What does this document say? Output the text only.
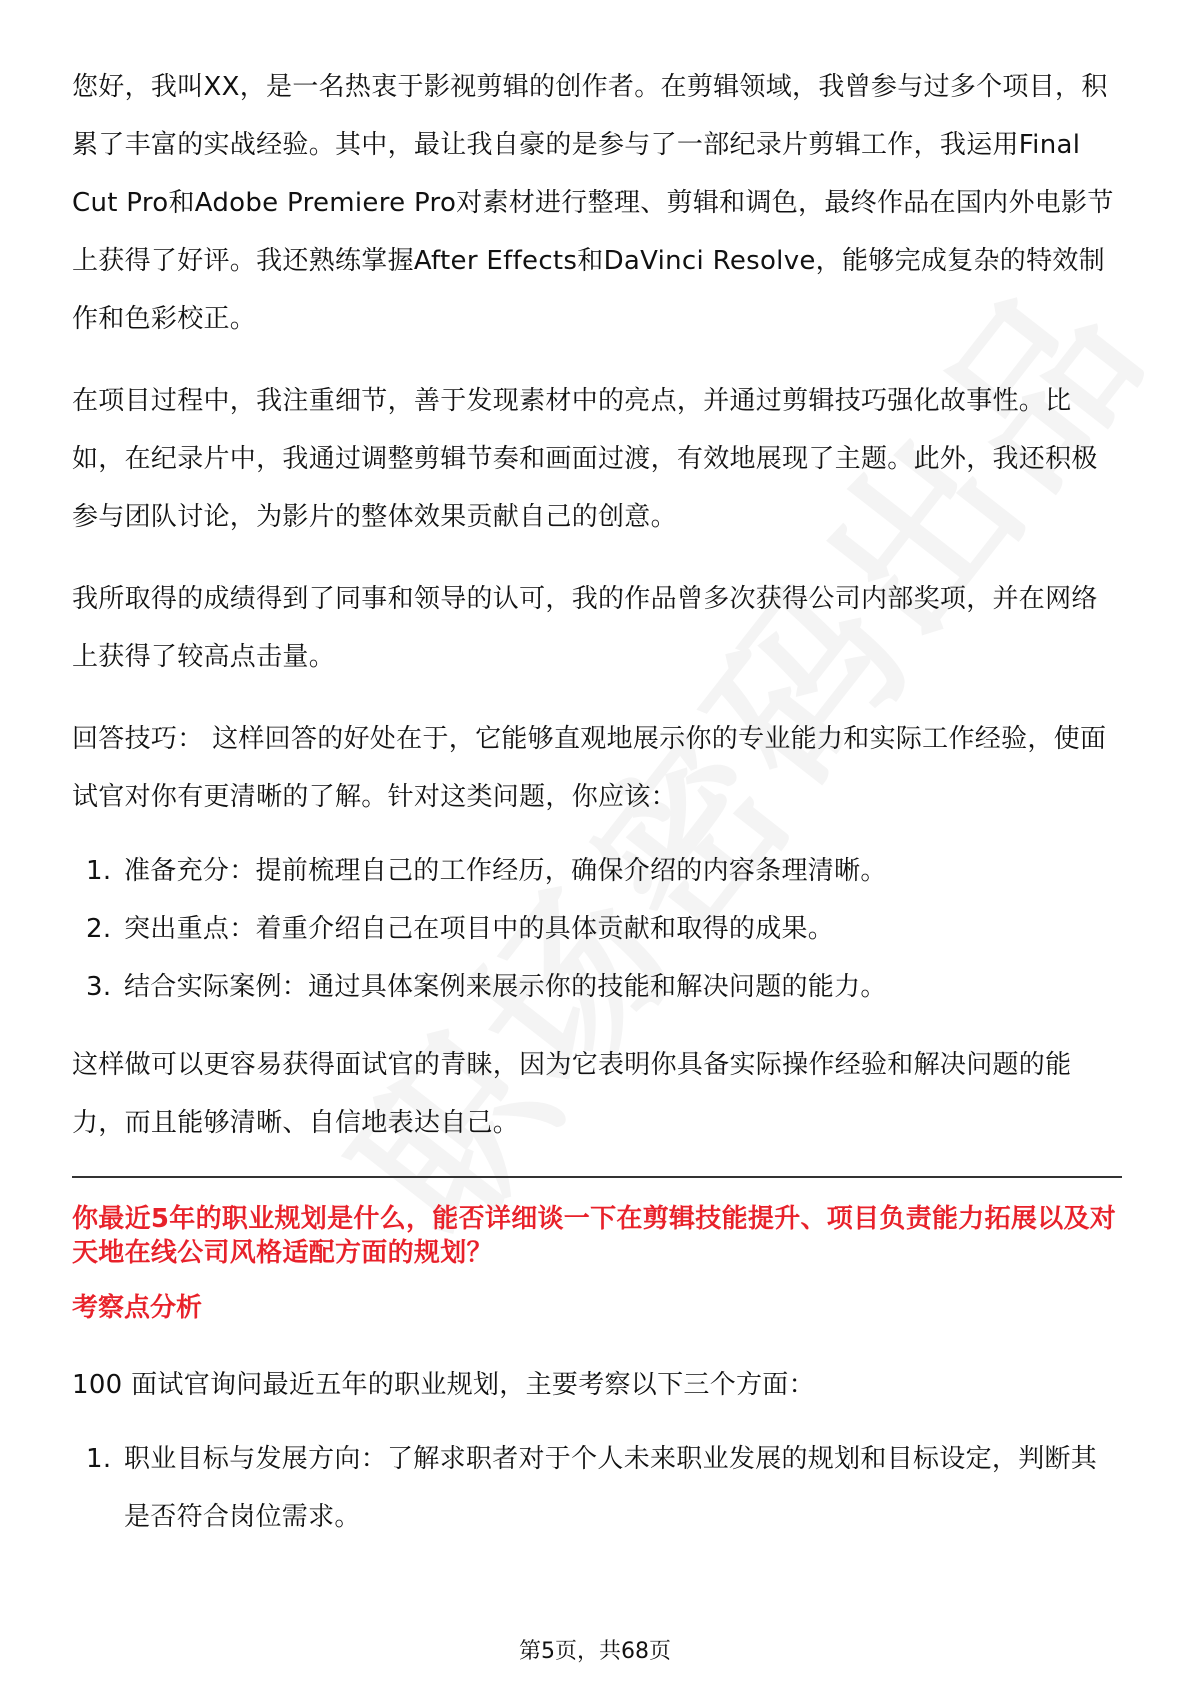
您好，我叫XX，是一名热衷于影视剪辑的创作者。在剪辑领域，我曾参与过多个项目，积累了丰富的实战经验。其中，最让我自豪的是参与了一部纪录片剪辑工作，我运用Final Cut Pro和Adobe Premiere Pro对素材进行整理、剪辑和调色，最终作品在国内外电影节上获得了好评。我还熟练掌握After Effects和DaVinci Resolve，能够完成复杂的特效制作和色彩校正。

在项目过程中，我注重细节，善于发现素材中的亮点，并通过剪辑技巧强化故事性。比如，在纪录片中，我通过调整剪辑节奏和画面过渡，有效地展现了主题。此外，我还积极参与团队讨论，为影片的整体效果贡献自己的创意。

我所取得的成绩得到了同事和领导的认可，我的作品曾多次获得公司内部奖项，并在网络上获得了较高点击量。

回答技巧： 这样回答的好处在于，它能够直观地展示你的专业能力和实际工作经验，使面试官对你有更清晰的了解。针对这类问题，你应该：

1. 准备充分：提前梳理自己的工作经历，确保介绍的内容条理清晰。
2. 突出重点：着重介绍自己在项目中的具体贡献和取得的成果。
3. 结合实际案例：通过具体案例来展示你的技能和解决问题的能力。

这样做可以更容易获得面试官的青睐，因为它表明你具备实际操作经验和解决问题的能力，而且能够清晰、自信地表达自己。

你最近5年的职业规划是什么，能否详细谈一下在剪辑技能提升、项目负责能力拓展以及对天地在线公司风格适配方面的规划？

考察点分析

100 面试官询问最近五年的职业规划，主要考察以下三个方面：

1. 职业目标与发展方向：了解求职者对于个人未来职业发展的规划和目标设定，判断其是否符合岗位需求。
第5页，共68页
